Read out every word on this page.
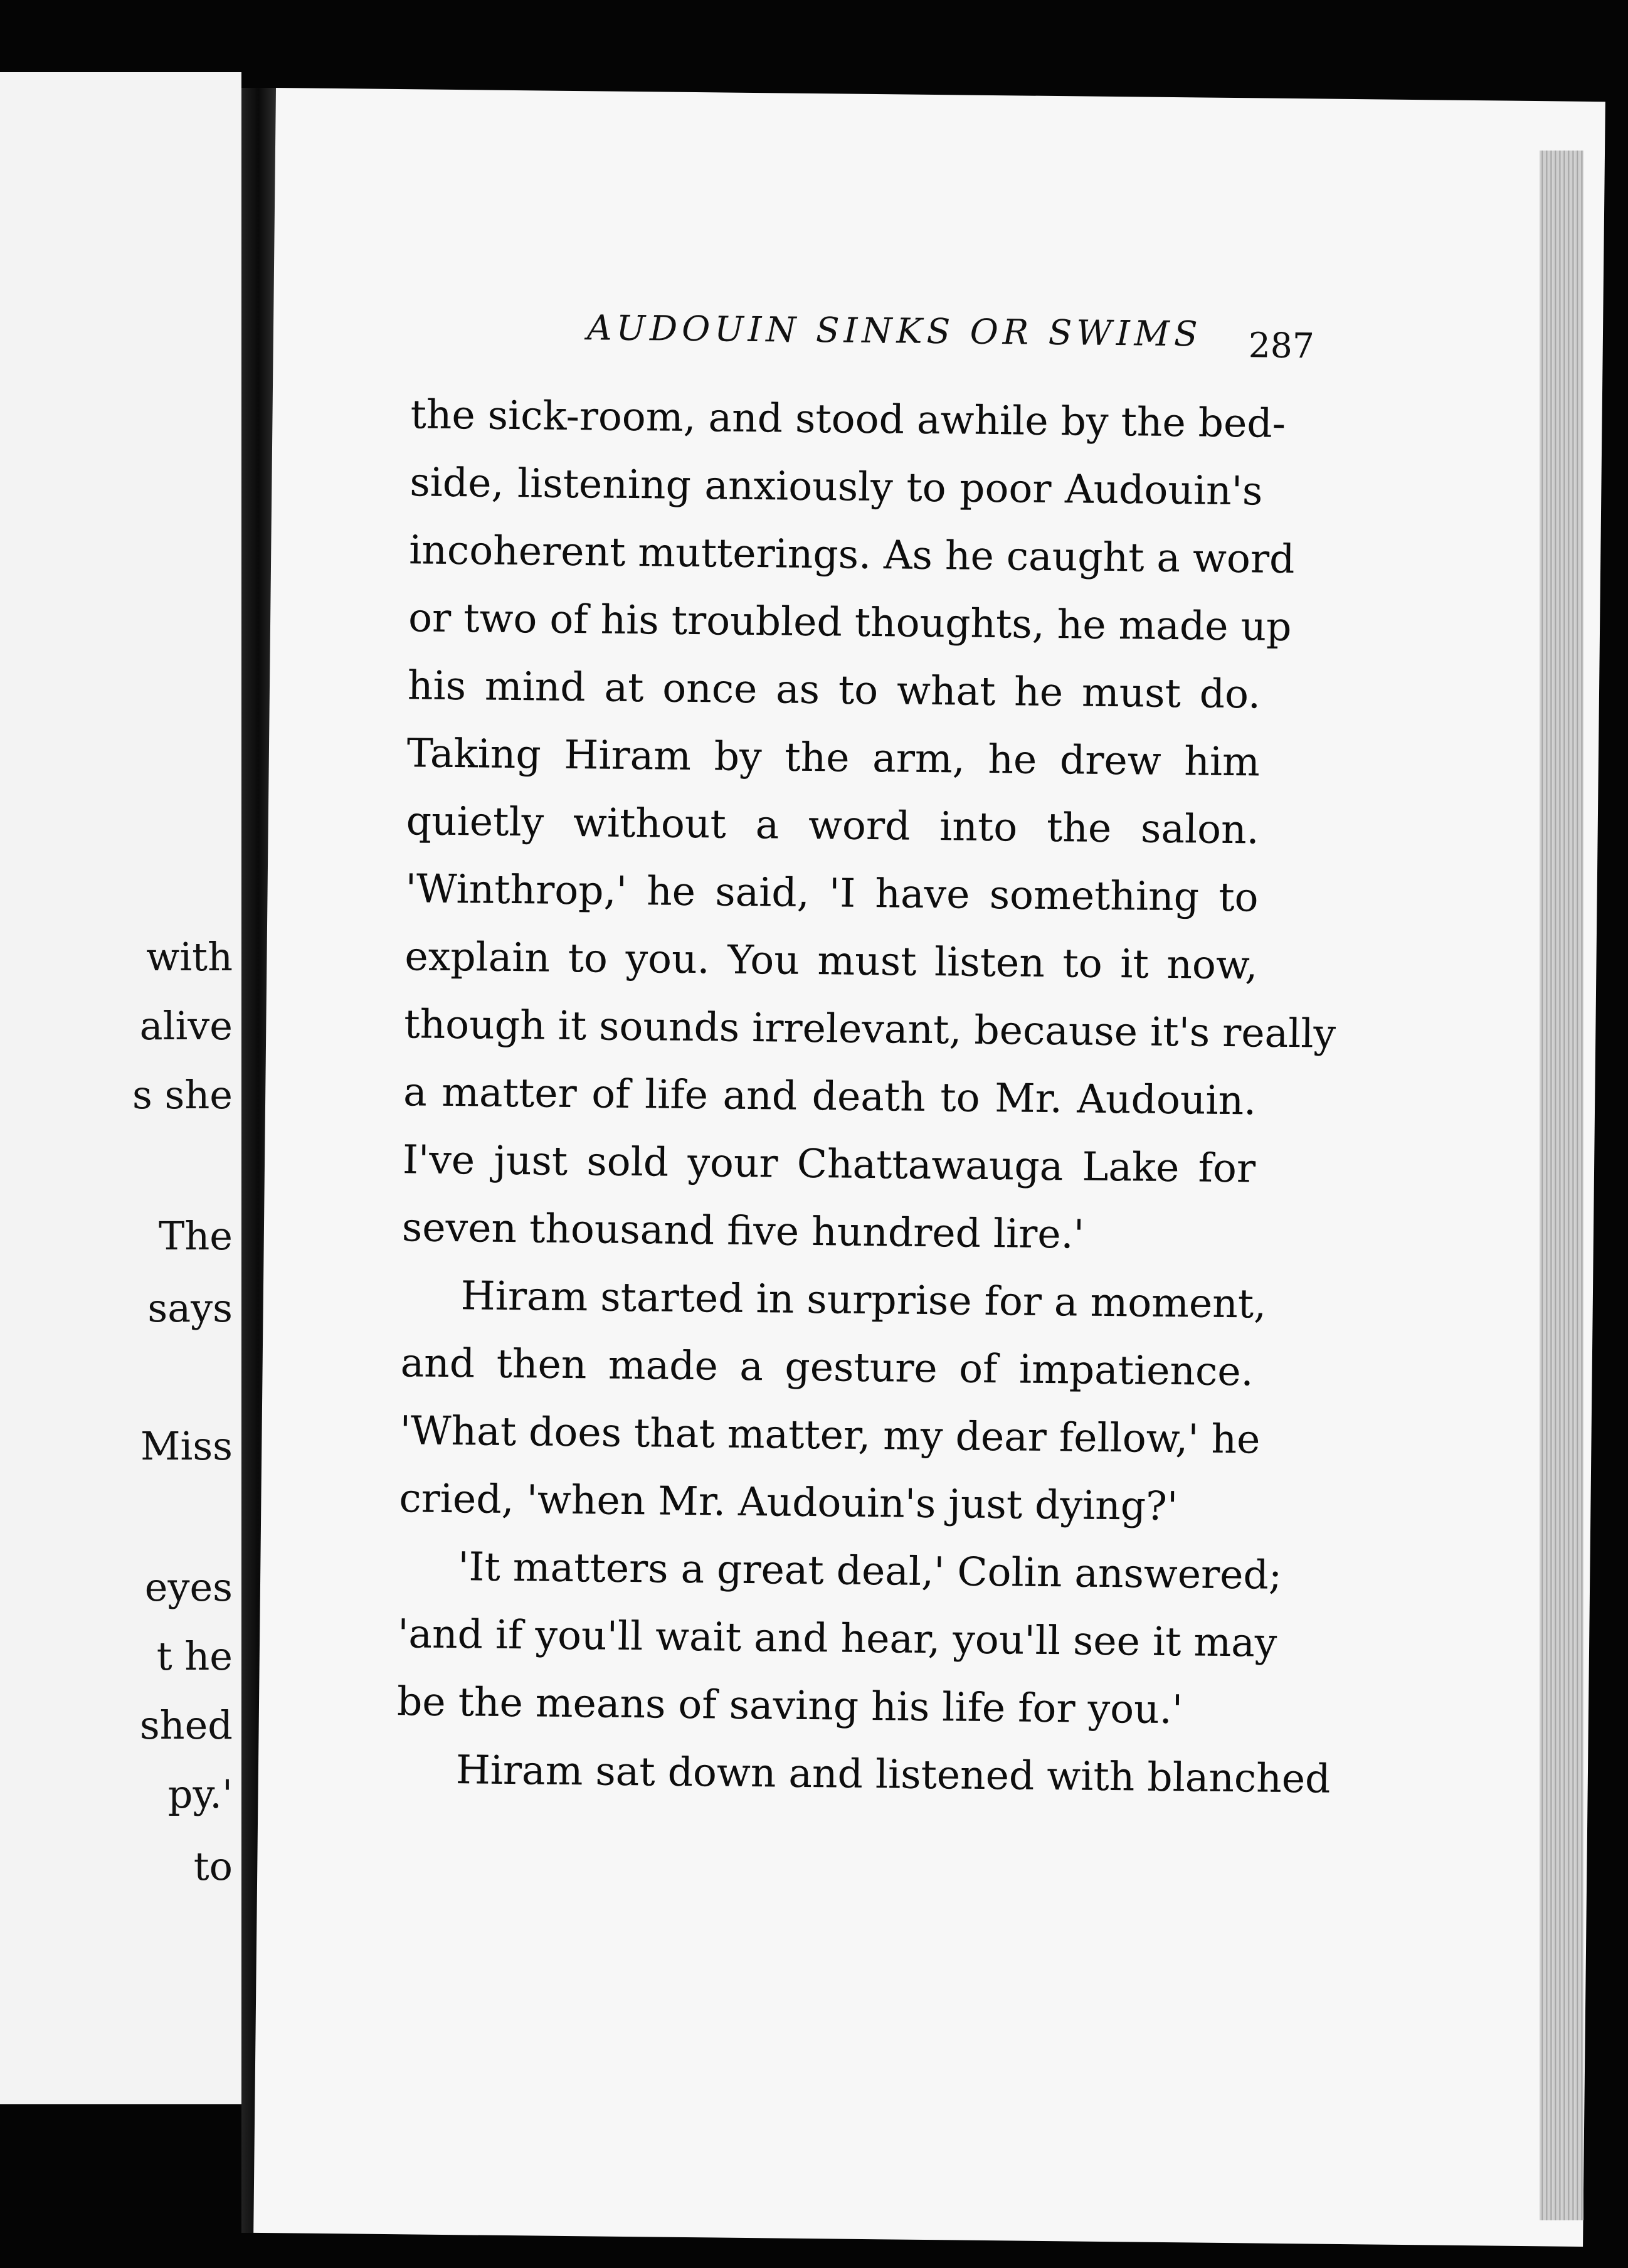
with
alive
s she
The
says
Miss
eyes
t he
shed
py.'
to
AUDOUIN SINKS OR SWIMS 287
the sick-room, and stood awhile by the bed-
side, listening anxiously to poor Audouin's
incoherent mutterings. As he caught a word
or two of his troubled thoughts, he made up
his mind at once as to what he must do.
Taking Hiram by the arm, he drew him
quietly without a word into the salon.
'Winthrop,' he said, 'I have something to
explain to you. You must listen to it now,
though it sounds irrelevant, because it's really
a matter of life and death to Mr. Audouin.
I've just sold your Chattawauga Lake for
seven thousand five hundred lire.'
Hiram started in surprise for a moment,
and then made a gesture of impatience.
'What does that matter, my dear fellow,' he
cried, 'when Mr. Audouin's just dying?'
'It matters a great deal,' Colin answered;
'and if you'll wait and hear, you'll see it may
be the means of saving his life for you.'
Hiram sat down and listened with blanched
